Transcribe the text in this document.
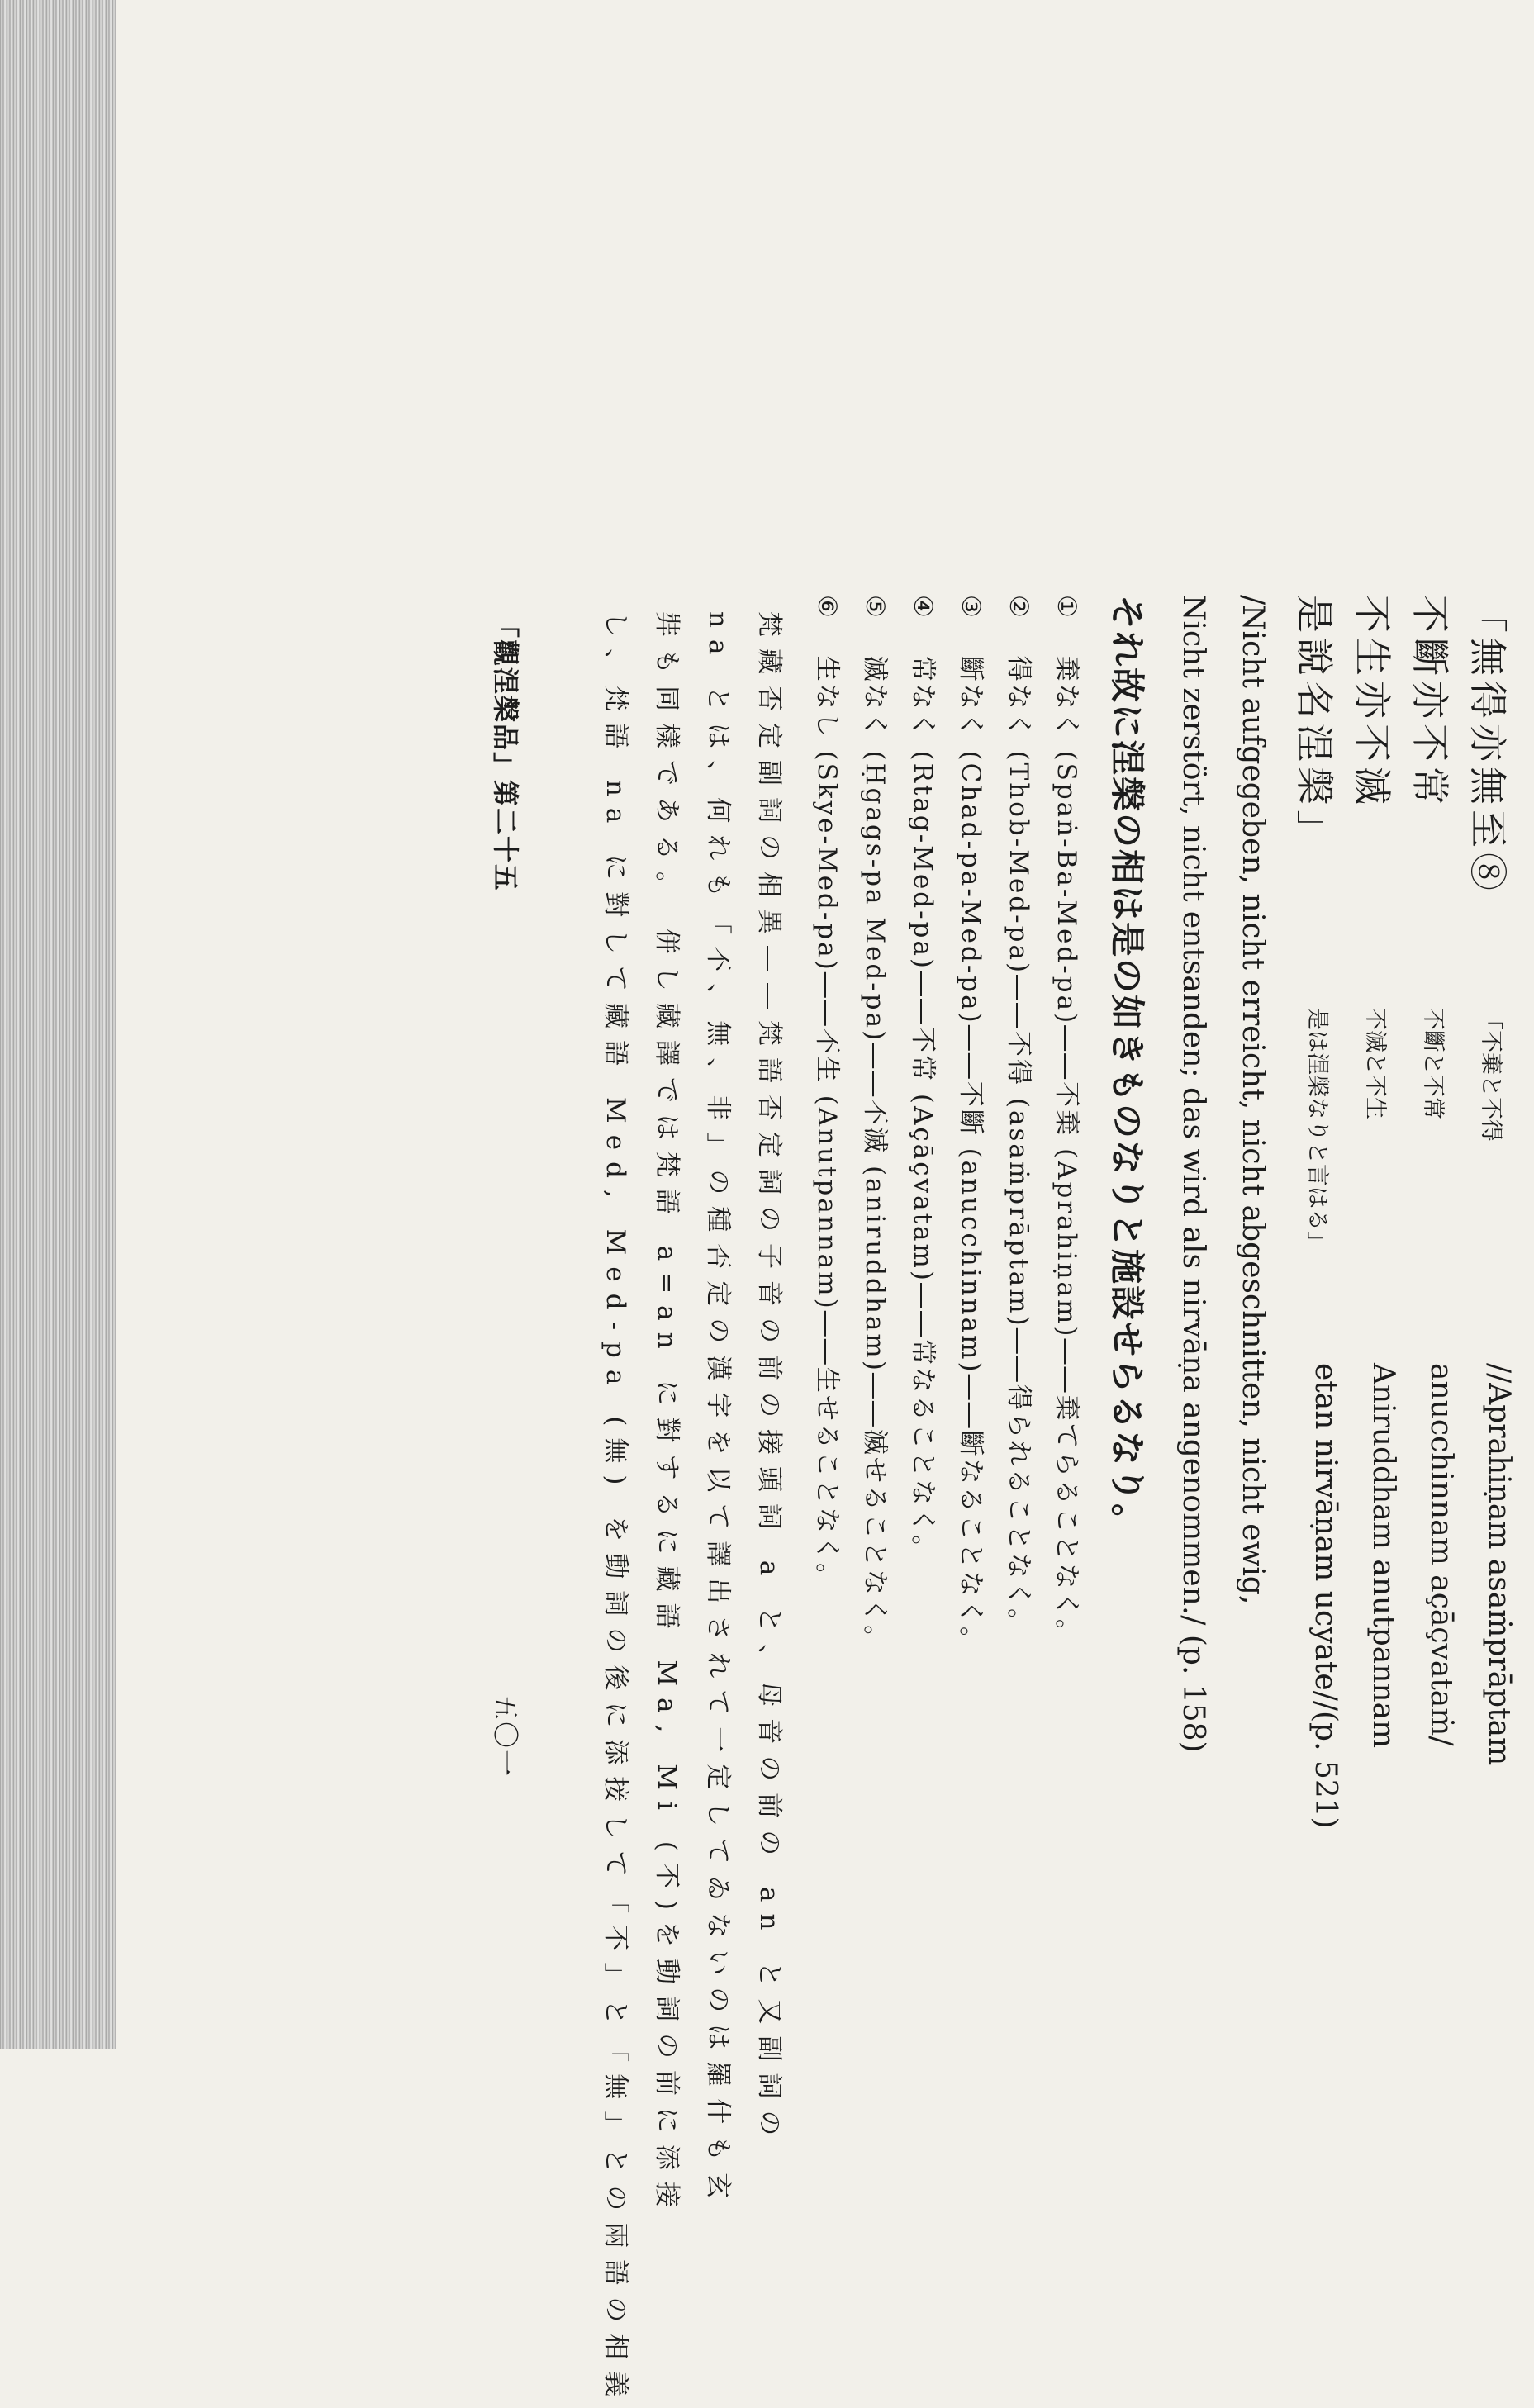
「無得亦無至⑧
「不棄と不得
//Aprahiṇam asaṁprāptam
不斷亦不常
不斷と不常
anucchinnam açāçvataṁ/
不生亦不滅
不滅と不生
Aniruddham anutpannam
是說名涅槃」
是は涅槃なりと言はる」
etan nirvāṇam ucyate//(p. 521)
/Nicht aufgegeben, nicht erreicht, nicht abgeschnitten, nicht ewig,
Nicht zerstört, nicht entsanden; das wird als nirvāṇa angenommen./ (p. 158)
それ故に涅槃の相は是の如きものなりと施設せらるなり。
① 棄なく (Spaṅ-Ba-Med-pa)――不棄 (Aprahiṇam)――棄てらることなく。
② 得なく (Thob-Med-pa)――不得 (asaṁprāptam)――得られることなく。
③ 斷なく (Chad-pa-Med-pa)――不斷 (anucchinnam)――斷なることなく。
④ 常なく (Rtag-Med-pa)――不常 (Açāçvatam)――常なることなく。
⑤ 滅なく (Ḥgags-pa Med-pa)――不滅 (aniruddham)――滅せることなく。
⑥ 生なし (Skye-Med-pa)――不生 (Anutpannam)――生せることなく。
梵藏否定副詞の相異――梵語否定詞の子音の前の接頭詞 a と、母音の前の an と又副詞の
na とは、何れも「不、無、非」の種否定の漢字を以て譯出されて一定してゐないのは羅什も玄
弉も同樣である。 併し藏譯では梵語 a=an に對するに藏語 Ma, Mi (不)を動詞の前に添接
し、梵語 na に對して藏語 Med, Med-pa (無) を動詞の後に添接して「不」と「無」との兩語の相義
「觀涅槃品」第二十五
五〇一
